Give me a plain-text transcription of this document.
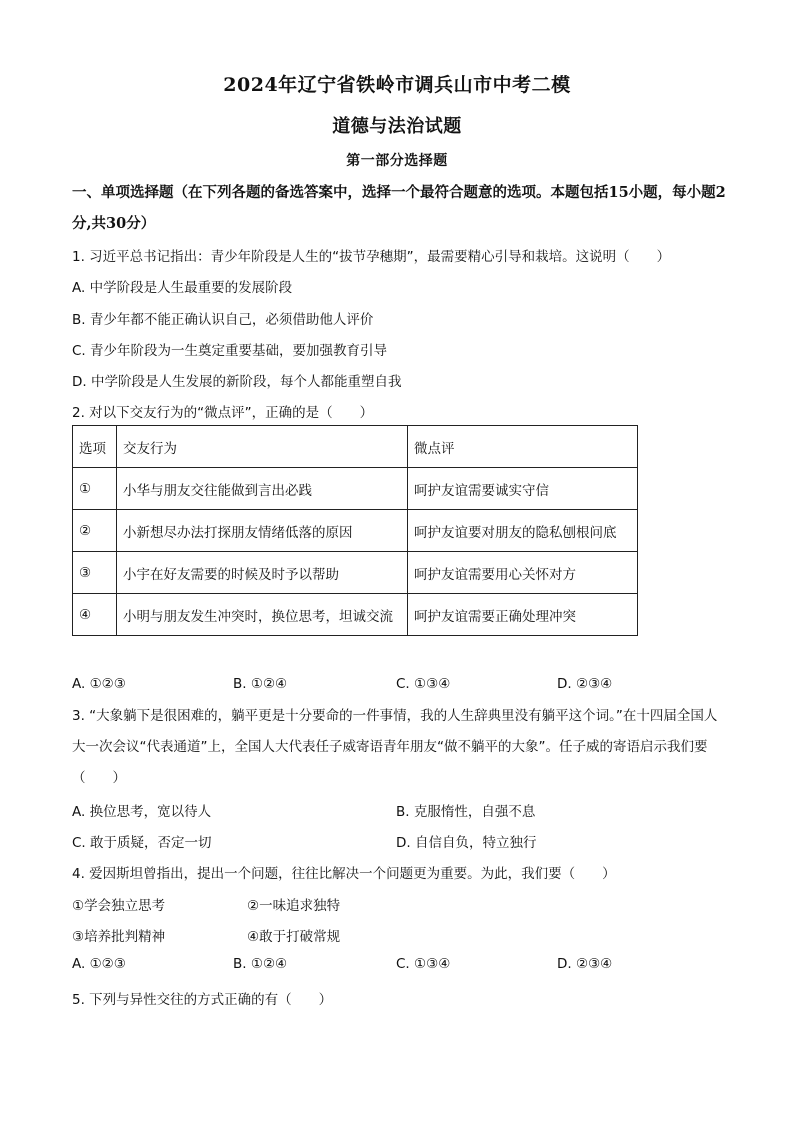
2024年辽宁省铁岭市调兵山市中考二模
道德与法治试题
第一部分选择题
一、单项选择题（在下列各题的备选答案中，选择一个最符合题意的选项。本题包括15小题，每小题2分,共30分）
1. 习近平总书记指出：青少年阶段是人生的“拔节孕穗期”，最需要精心引导和栽培。这说明（　　）
A. 中学阶段是人生最重要的发展阶段
B. 青少年都不能正确认识自己，必须借助他人评价
C. 青少年阶段为一生奠定重要基础，要加强教育引导
D. 中学阶段是人生发展的新阶段，每个人都能重塑自我
2. 对以下交友行为的“微点评”，正确的是（　　）
选项	交友行为	微点评
①	小华与朋友交往能做到言出必践	呵护友谊需要诚实守信
②	小新想尽办法打探朋友情绪低落的原因	呵护友谊要对朋友的隐私刨根问底
③	小宇在好友需要的时候及时予以帮助	呵护友谊需要用心关怀对方
④	小明与朋友发生冲突时，换位思考，坦诚交流	呵护友谊需要正确处理冲突
A. ①②③	B. ①②④	C. ①③④	D. ②③④
3. “大象躺下是很困难的，躺平更是十分要命的一件事情，我的人生辞典里没有躺平这个词。”在十四届全国人大一次会议“代表通道”上，全国人大代表任子威寄语青年朋友“做不躺平的大象”。任子威的寄语启示我们要（　　）
A. 换位思考，宽以待人	B. 克服惰性，自强不息
C. 敢于质疑，否定一切	D. 自信自负，特立独行
4. 爱因斯坦曾指出，提出一个问题，往往比解决一个问题更为重要。为此，我们要（　　）
①学会独立思考	②一味追求独特
③培养批判精神	④敢于打破常规
A. ①②③	B. ①②④	C. ①③④	D. ②③④
5. 下列与异性交往的方式正确的有（　　）
